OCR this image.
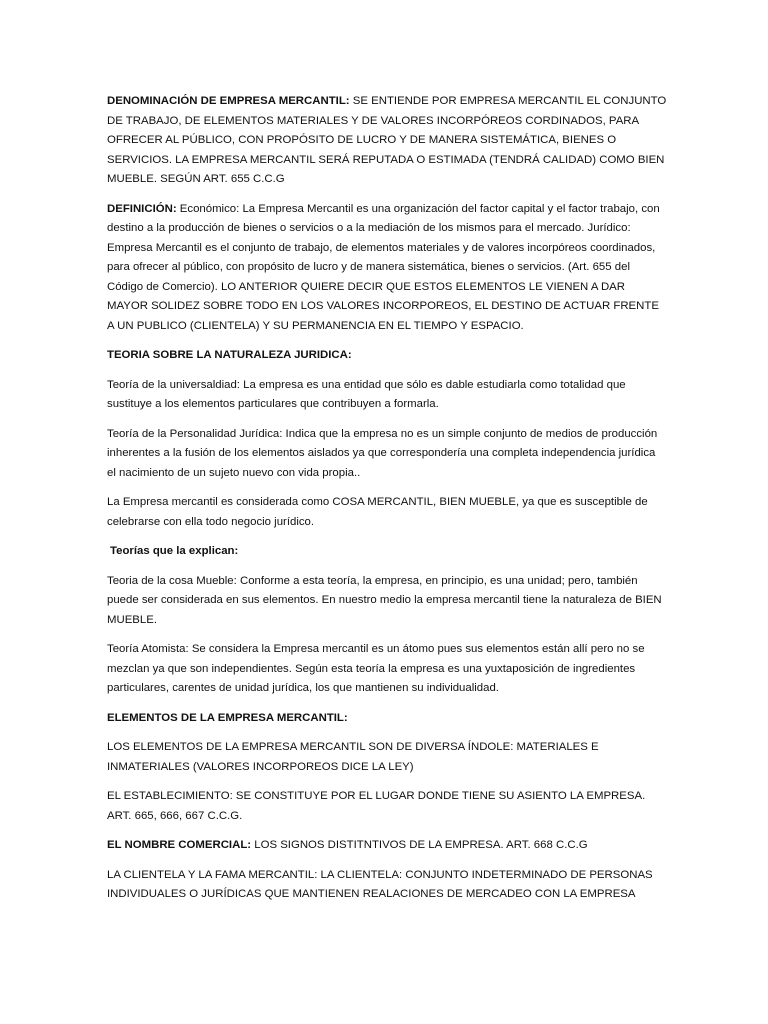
DENOMINACIÓN DE EMPRESA MERCANTIL: SE ENTIENDE POR EMPRESA MERCANTIL EL CONJUNTO DE TRABAJO, DE ELEMENTOS MATERIALES Y DE VALORES INCORPÓREOS CORDINADOS, PARA OFRECER AL PÚBLICO, CON PROPÓSITO DE LUCRO Y DE MANERA SISTEMÁTICA, BIENES O SERVICIOS. LA EMPRESA MERCANTIL SERÁ REPUTADA O ESTIMADA (TENDRÁ CALIDAD) COMO BIEN MUEBLE. SEGÚN ART. 655 C.C.G

DEFINICIÓN: Económico: La Empresa Mercantil es una organización del factor capital y el factor trabajo, con destino a la producción de bienes o servicios o a la mediación de los mismos para el mercado. Jurídico: Empresa Mercantil es el conjunto de trabajo, de elementos materiales y de valores incorpóreos coordinados, para ofrecer al público, con propósito de lucro y de manera sistemática, bienes o servicios. (Art. 655 del Código de Comercio). LO ANTERIOR QUIERE DECIR QUE ESTOS ELEMENTOS LE VIENEN A DAR MAYOR SOLIDEZ SOBRE TODO EN LOS VALORES INCORPOREOS, EL DESTINO DE ACTUAR FRENTE A UN PUBLICO (CLIENTELA) Y SU PERMANENCIA EN EL TIEMPO Y ESPACIO.

TEORIA SOBRE LA NATURALEZA JURIDICA:

Teoría de la universaldiad: La empresa es una entidad que sólo es dable estudiarla como totalidad que sustituye a los elementos particulares que contribuyen a formarla.

Teoría de la Personalidad Jurídica: Indica que la empresa no es un simple conjunto de medios de producción inherentes a la fusión de los elementos aislados ya que correspondería una completa independencia jurídica el nacimiento de un sujeto nuevo con vida propia..

La Empresa mercantil es considerada como COSA MERCANTIL, BIEN MUEBLE, ya que es susceptible de celebrarse con ella todo negocio jurídico.

Teorías que la explican:

Teoria de la cosa Mueble: Conforme a esta teoría, la empresa, en principio, es una unidad; pero, también puede ser considerada en sus elementos. En nuestro medio la empresa mercantil tiene la naturaleza de BIEN MUEBLE.

Teoría Atomista: Se considera la Empresa mercantil es un átomo pues sus elementos están allí pero no se mezclan ya que son independientes. Según esta teoría la empresa es una yuxtaposición de ingredientes particulares, carentes de unidad jurídica, los que mantienen su individualidad.

ELEMENTOS DE LA EMPRESA MERCANTIL:

LOS ELEMENTOS DE LA EMPRESA MERCANTIL SON DE DIVERSA ÍNDOLE: MATERIALES E INMATERIALES (VALORES INCORPOREOS DICE LA LEY)

EL ESTABLECIMIENTO: SE CONSTITUYE POR EL LUGAR DONDE TIENE SU ASIENTO LA EMPRESA. ART. 665, 666, 667 C.C.G.

EL NOMBRE COMERCIAL: LOS SIGNOS DISTITNTIVOS DE LA EMPRESA. ART. 668 C.C.G

LA CLIENTELA Y LA FAMA MERCANTIL: LA CLIENTELA: CONJUNTO INDETERMINADO DE PERSONAS INDIVIDUALES O JURÍDICAS QUE MANTIENEN REALACIONES DE MERCADEO CON LA EMPRESA
